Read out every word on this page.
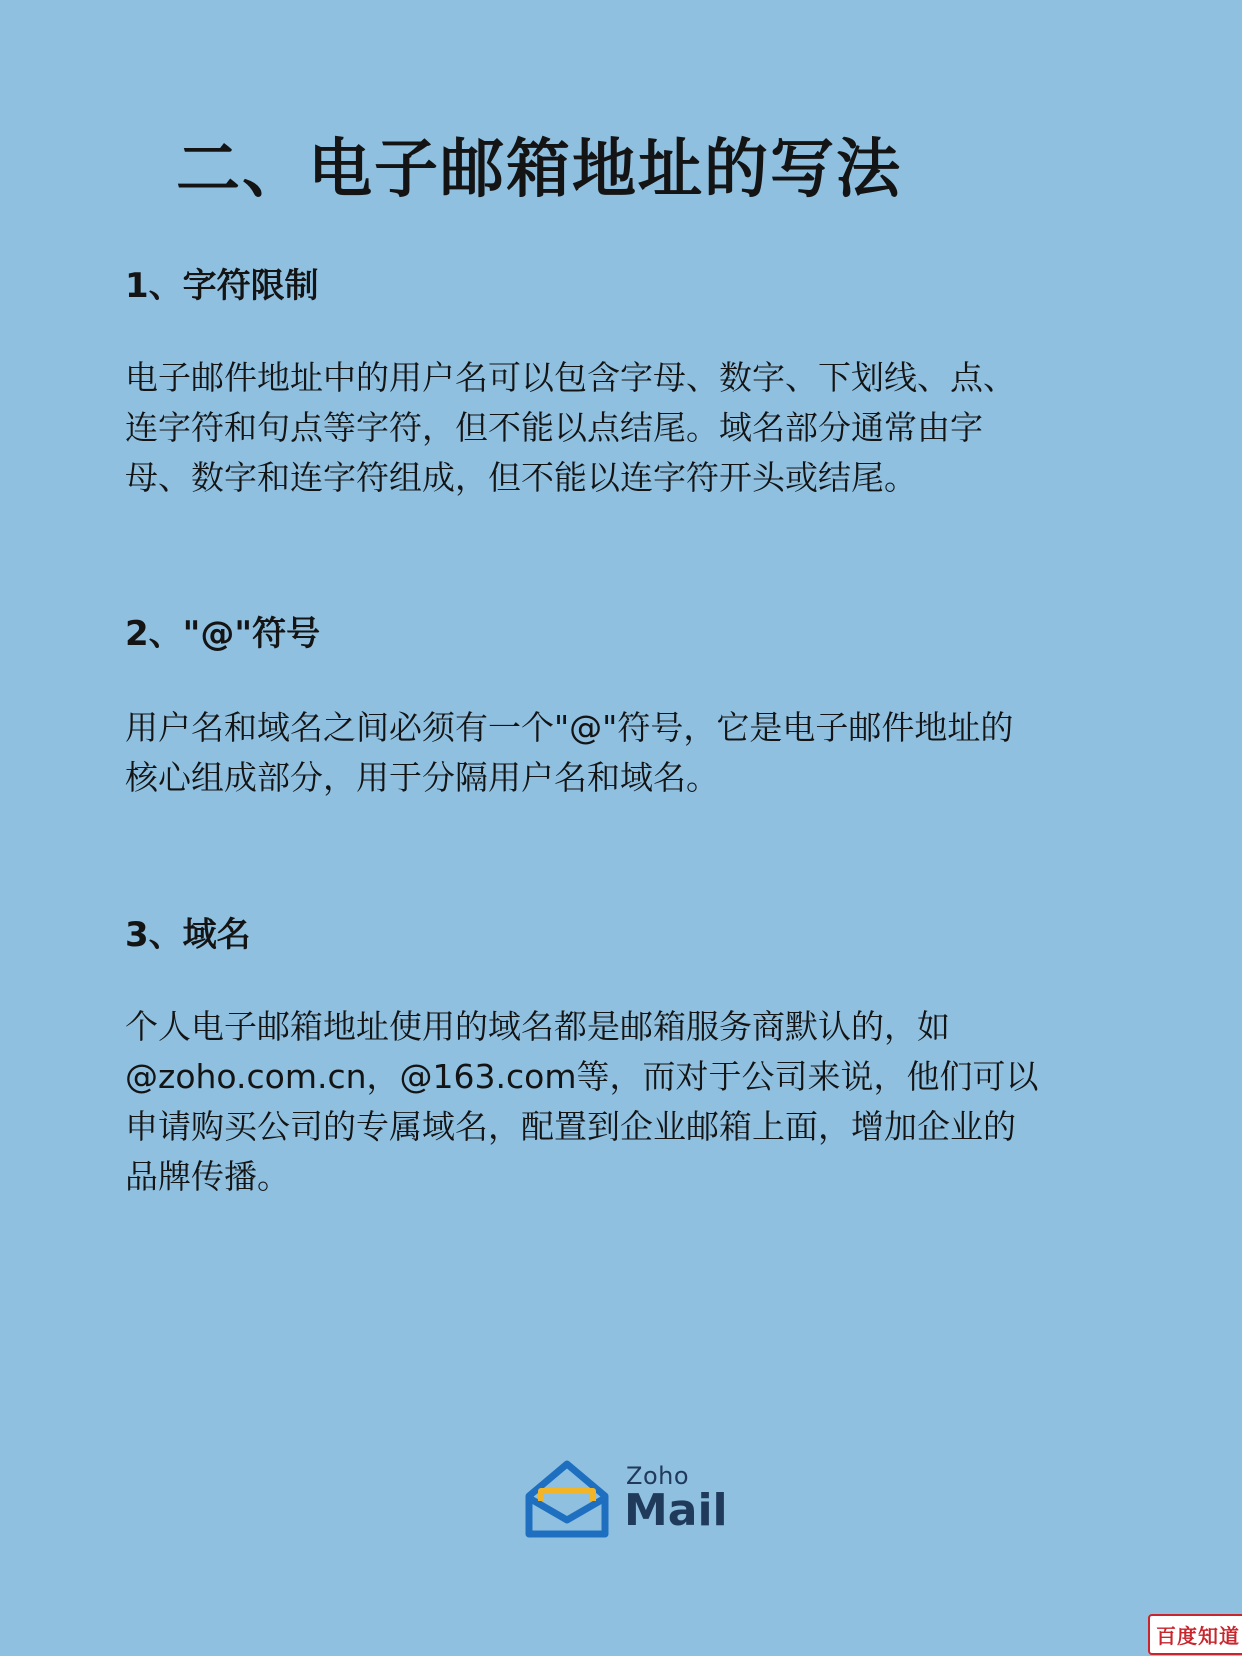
二、电子邮箱地址的写法
1、字符限制

电子邮件地址中的用户名可以包含字母、数字、下划线、点、
连字符和句点等字符，但不能以点结尾。域名部分通常由字
母、数字和连字符组成，但不能以连字符开头或结尾。

2、"@"符号

用户名和域名之间必须有一个"@"符号，它是电子邮件地址的
核心组成部分，用于分隔用户名和域名。

3、域名

个人电子邮箱地址使用的域名都是邮箱服务商默认的，如
@zoho.com.cn，@163.com等，而对于公司来说，他们可以
申请购买公司的专属域名，配置到企业邮箱上面，增加企业的
品牌传播。

Zoho
Mail
百度知道
